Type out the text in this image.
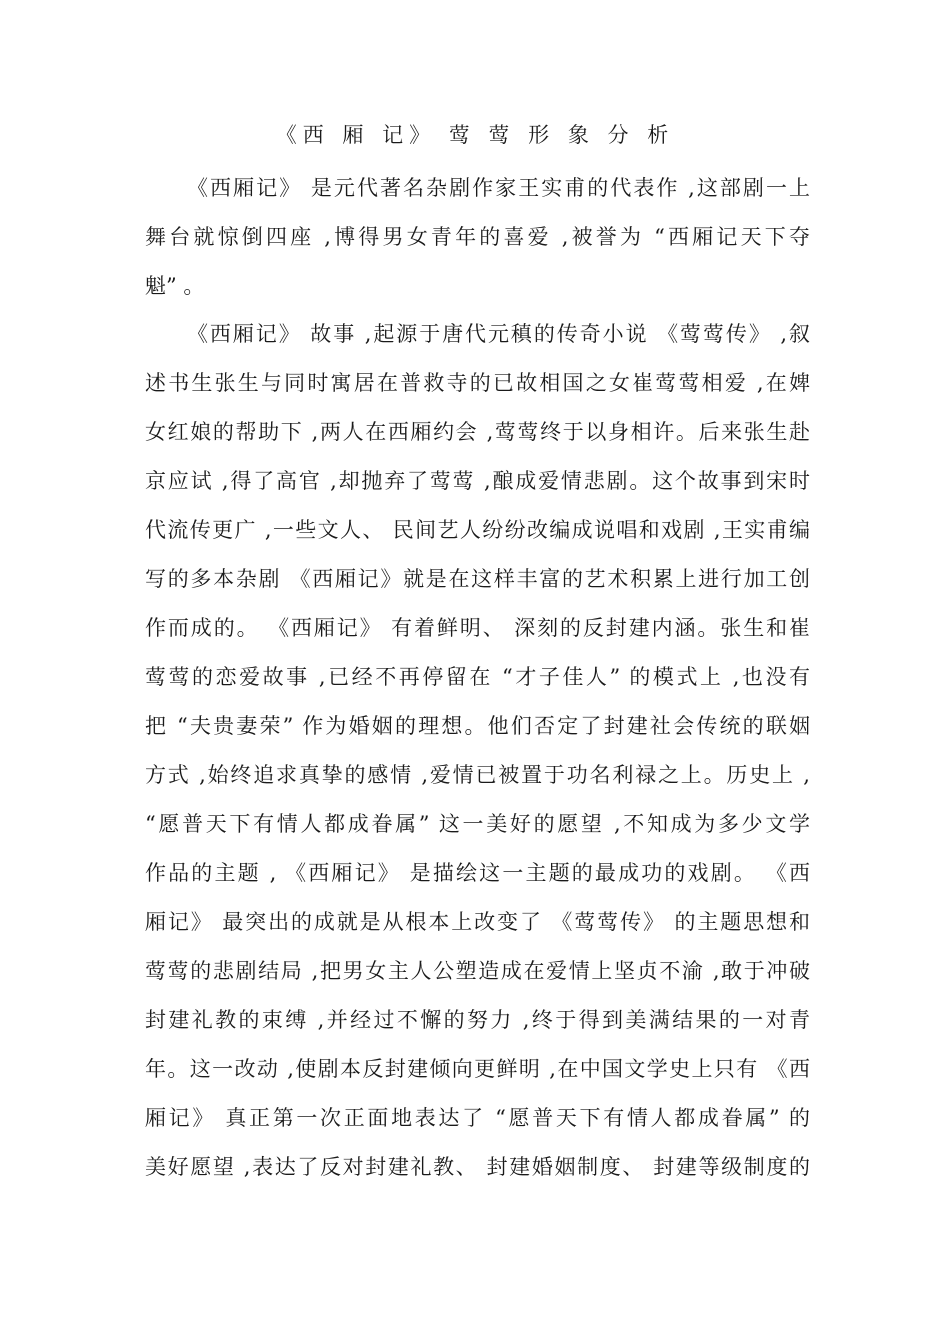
《西 厢 记》 莺 莺 形 象 分 析
《西厢记》 是元代著名杂剧作家王实甫的代表作 ,这部剧一上
舞台就惊倒四座 ,博得男女青年的喜爱 ,被誉为 “西厢记天下夺
魁” 。
《西厢记》 故事 ,起源于唐代元稹的传奇小说 《莺莺传》 ,叙
述书生张生与同时寓居在普救寺的已故相国之女崔莺莺相爱 ,在婢
女红娘的帮助下 ,两人在西厢约会 ,莺莺终于以身相许。后来张生赴
京应试 ,得了高官 ,却抛弃了莺莺 ,酿成爱情悲剧。这个故事到宋时
代流传更广 ,一些文人、 民间艺人纷纷改编成说唱和戏剧 ,王实甫编
写的多本杂剧 《西厢记》就是在这样丰富的艺术积累上进行加工创
作而成的。 《西厢记》 有着鲜明、 深刻的反封建内涵。张生和崔
莺莺的恋爱故事 ,已经不再停留在 “才子佳人” 的模式上 ,也没有
把 “夫贵妻荣” 作为婚姻的理想。他们否定了封建社会传统的联姻
方式 ,始终追求真挚的感情 ,爱情已被置于功名利禄之上。历史上 ,
“愿普天下有情人都成眷属” 这一美好的愿望 ,不知成为多少文学
作品的主题 , 《西厢记》 是描绘这一主题的最成功的戏剧。 《西
厢记》 最突出的成就是从根本上改变了 《莺莺传》 的主题思想和
莺莺的悲剧结局 ,把男女主人公塑造成在爱情上坚贞不渝 ,敢于冲破
封建礼教的束缚 ,并经过不懈的努力 ,终于得到美满结果的一对青
年。这一改动 ,使剧本反封建倾向更鲜明 ,在中国文学史上只有 《西
厢记》 真正第一次正面地表达了 “愿普天下有情人都成眷属” 的
美好愿望 ,表达了反对封建礼教、 封建婚姻制度、 封建等级制度的
